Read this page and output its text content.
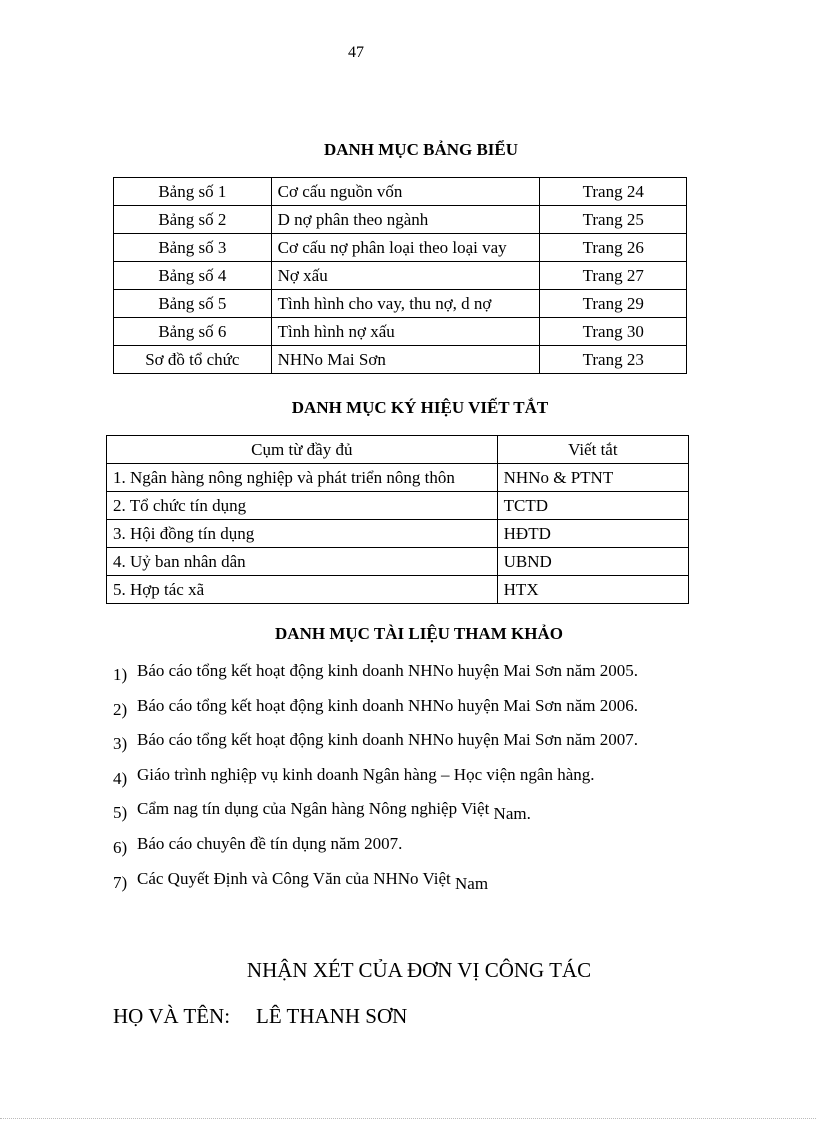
47
DANH MỤC BẢNG BIỂU
Bảng số 1	Cơ cấu nguồn vốn	Trang 24
Bảng số 2	D nợ phân theo ngành	Trang 25
Bảng số 3	Cơ cấu nợ phân loại theo loại vay	Trang 26
Bảng số 4	Nợ xấu	Trang 27
Bảng số 5	Tình hình cho vay, thu nợ, d nợ	Trang 29
Bảng số 6	Tình hình nợ xấu	Trang 30
Sơ đồ tổ chức	NHNo Mai Sơn	Trang 23
DANH MỤC KÝ HIỆU VIẾT TẮT
Cụm từ đầy đủ	Viết tắt
1. Ngân hàng nông nghiệp và phát triển nông thôn	NHNo & PTNT
2. Tổ chức tín dụng	TCTD
3. Hội đồng tín dụng	HĐTD
4. Uỷ ban nhân dân	UBND
5. Hợp tác xã	HTX
DANH MỤC TÀI LIỆU THAM KHẢO
1) Báo cáo tổng kết hoạt động kinh doanh NHNo huyện Mai Sơn năm 2005.
2) Báo cáo tổng kết hoạt động kinh doanh NHNo huyện Mai Sơn năm 2006.
3) Báo cáo tổng kết hoạt động kinh doanh NHNo huyện Mai Sơn năm 2007.
4) Giáo trình nghiệp vụ kinh doanh Ngân hàng – Học viện ngân hàng.
5) Cẩm nag tín dụng của Ngân hàng Nông nghiệp Việt Nam.
6) Báo cáo chuyên đề tín dụng năm 2007.
7) Các Quyết Định và Công Văn của NHNo Việt Nam
NHẬN XÉT CỦA ĐƠN VỊ CÔNG TÁC
HỌ VÀ TÊN: LÊ THANH SƠN
